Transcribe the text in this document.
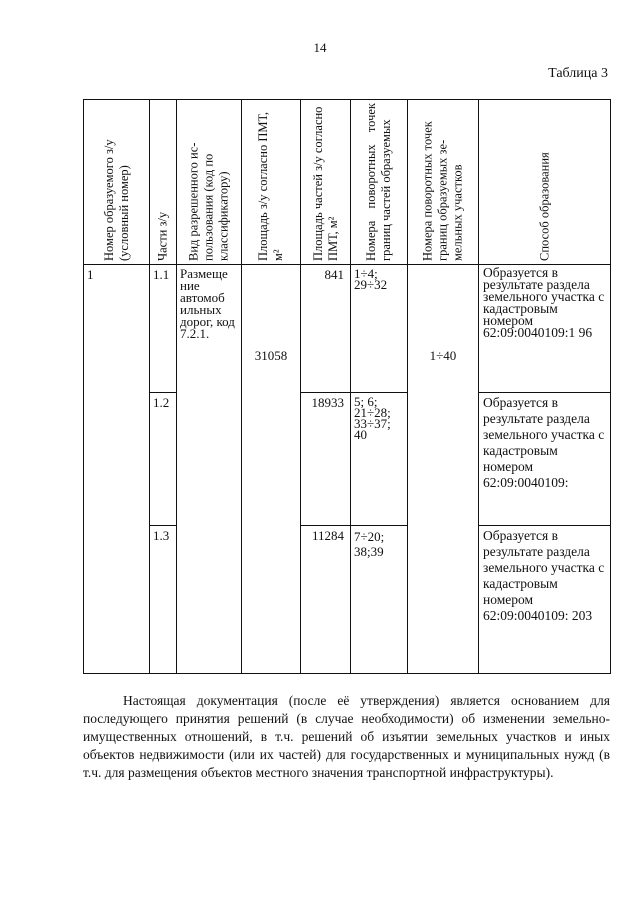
14
Таблица 3
Номер образуемого з/у (условный номер)	Части з/у	Вид разрешенного ис-пользования (код по классификатору)	Площадь з/у согласно ПМТ, м²	Площадь частей з/у согласно ПМТ, м²	Номера поворотных точек границ частей образуемых	Номера поворотных точек границ образуемых зе-мельных участков	Способ образования

1	1.1	Размеще ние автомоб ильных дорог, код 7.2.1.	31058	841	1÷4; 29÷32	1÷40	Образуется в результате раздела земельного участка с кадастровым номером 62:09:0040109:1 96

	1.2			18933	5; 6; 21÷28; 33÷37; 40		Образуется в результате раздела земельного участка с кадастровым номером 62:09:0040109:

	1.3			11284	7÷20; 38;39		Образуется в результате раздела земельного участка с кадастровым номером 62:09:0040109: 203

Настоящая документация (после её утверждения) является основанием для последующего принятия решений (в случае необходимости) об изменении земельно- имущественных отношений, в т.ч. решений об изъятии земельных участков и иных объектов недвижимости (или их частей) для государственных и муниципальных нужд (в т.ч. для размещения объектов местного значения транспортной инфраструктуры).
